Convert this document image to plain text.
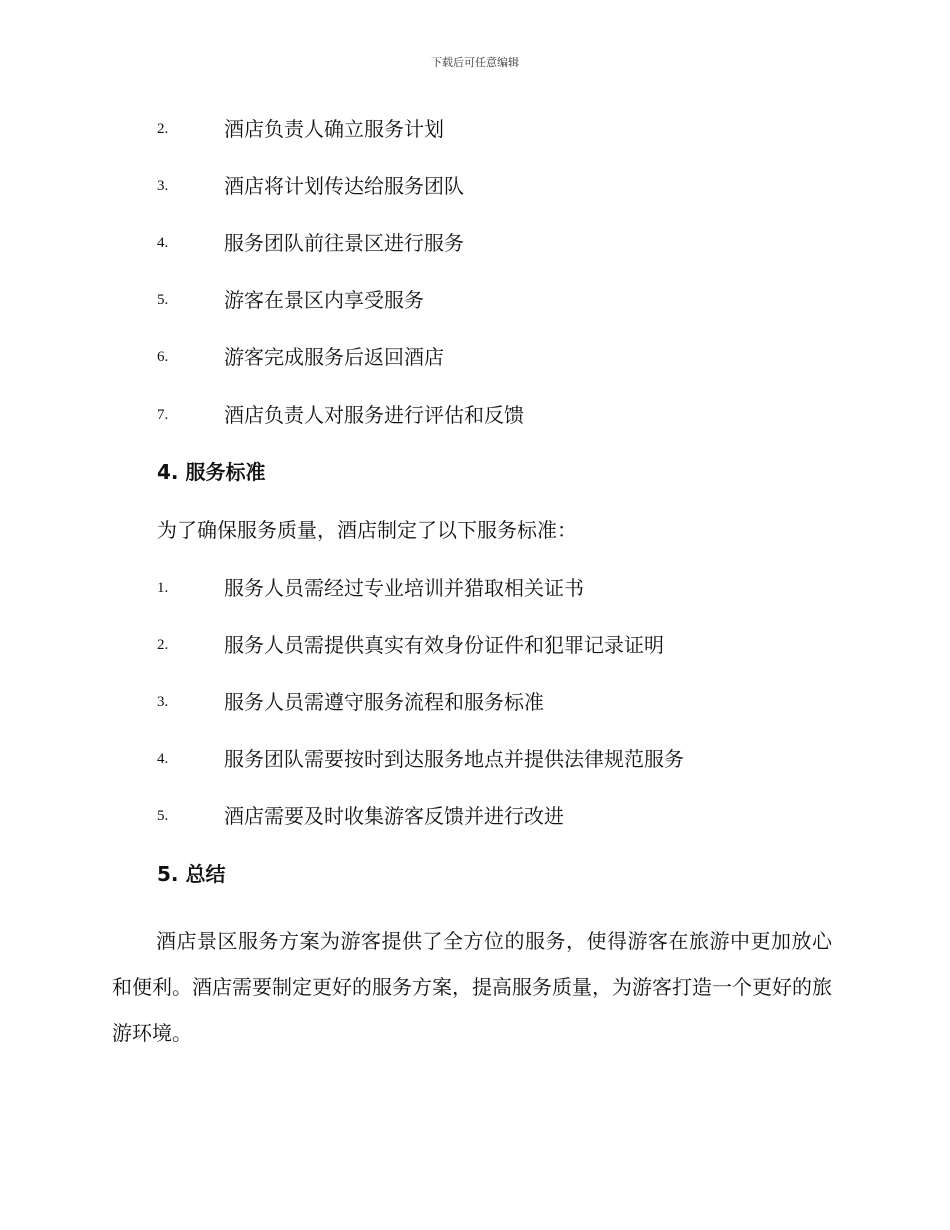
下载后可任意编辑
2.	酒店负责人确立服务计划
3.	酒店将计划传达给服务团队
4.	服务团队前往景区进行服务
5.	游客在景区内享受服务
6.	游客完成服务后返回酒店
7.	酒店负责人对服务进行评估和反馈
4. 服务标准
为了确保服务质量，酒店制定了以下服务标准：
1.	服务人员需经过专业培训并猎取相关证书
2.	服务人员需提供真实有效身份证件和犯罪记录证明
3.	服务人员需遵守服务流程和服务标准
4.	服务团队需要按时到达服务地点并提供法律规范服务
5.	酒店需要及时收集游客反馈并进行改进
5. 总结
酒店景区服务方案为游客提供了全方位的服务，使得游客在旅游中更加放心和便利。酒店需要制定更好的服务方案，提高服务质量，为游客打造一个更好的旅游环境。
